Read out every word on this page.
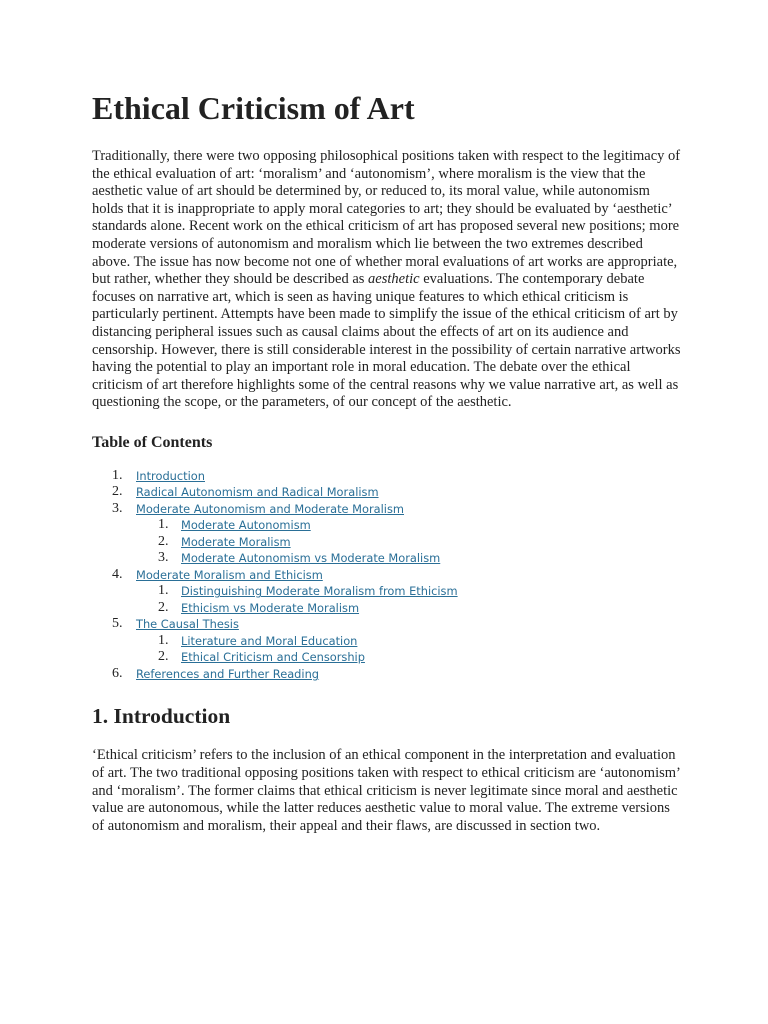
Ethical Criticism of Art

Traditionally, there were two opposing philosophical positions taken with respect to the legitimacy of the ethical evaluation of art: ‘moralism’ and ‘autonomism’, where moralism is the view that the aesthetic value of art should be determined by, or reduced to, its moral value, while autonomism holds that it is inappropriate to apply moral categories to art; they should be evaluated by ‘aesthetic’ standards alone. Recent work on the ethical criticism of art has proposed several new positions; more moderate versions of autonomism and moralism which lie between the two extremes described above. The issue has now become not one of whether moral evaluations of art works are appropriate, but rather, whether they should be described as aesthetic evaluations. The contemporary debate focuses on narrative art, which is seen as having unique features to which ethical criticism is particularly pertinent. Attempts have been made to simplify the issue of the ethical criticism of art by distancing peripheral issues such as causal claims about the effects of art on its audience and censorship. However, there is still considerable interest in the possibility of certain narrative artworks having the potential to play an important role in moral education. The debate over the ethical criticism of art therefore highlights some of the central reasons why we value narrative art, as well as questioning the scope, or the parameters, of our concept of the aesthetic.

Table of Contents
1.	Introduction
2.	Radical Autonomism and Radical Moralism
3.	Moderate Autonomism and Moderate Moralism
1.	Moderate Autonomism
2.	Moderate Moralism
3.	Moderate Autonomism vs Moderate Moralism
4.	Moderate Moralism and Ethicism
1.	Distinguishing Moderate Moralism from Ethicism
2.	Ethicism vs Moderate Moralism
5.	The Causal Thesis
1.	Literature and Moral Education
2.	Ethical Criticism and Censorship
6.	References and Further Reading
1. Introduction

‘Ethical criticism’ refers to the inclusion of an ethical component in the interpretation and evaluation of art. The two traditional opposing positions taken with respect to ethical criticism are ‘autonomism’ and ‘moralism’. The former claims that ethical criticism is never legitimate since moral and aesthetic value are autonomous, while the latter reduces aesthetic value to moral value. The extreme versions of autonomism and moralism, their appeal and their flaws, are discussed in section two.
